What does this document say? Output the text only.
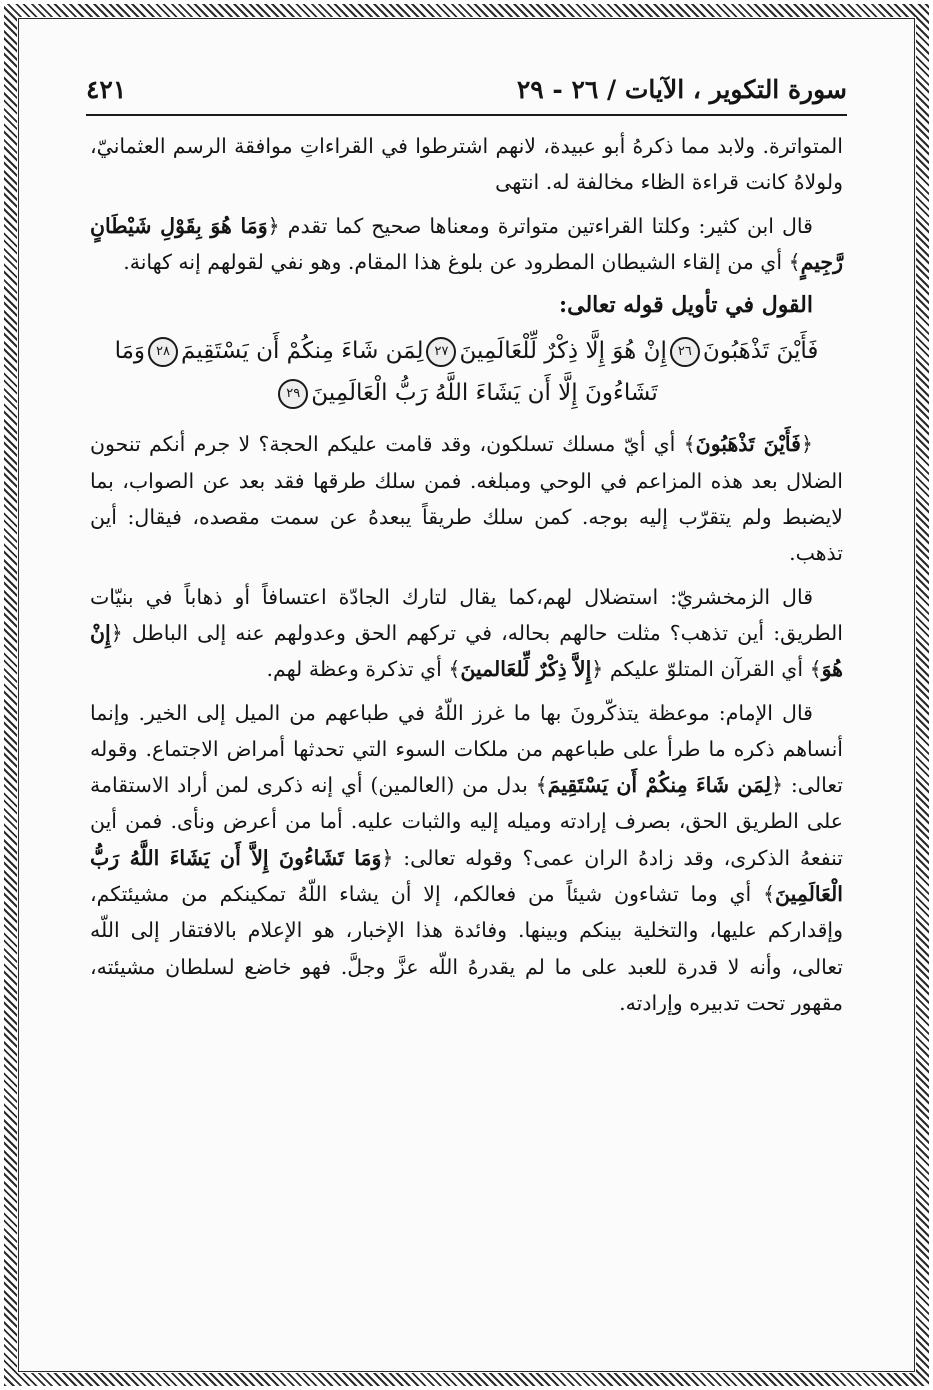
سورة التكوير ، الآيات / ٢٦ - ٢٩
٤٢١

المتواترة. ولابد مما ذكرهُ أبو عبيدة، لانهم اشترطوا في القراءاتِ موافقة الرسم العثمانيّ، ولولاهُ كانت قراءة الظاء مخالفة له. انتهى

قال ابن كثير: وكلتا القراءتين متواترة ومعناها صحيح كما تقدم ﴿وَمَا هُوَ بِقَوْلِ شَيْطَانٍ رَّجِيمٍ﴾ أي من إلقاء الشيطان المطرود عن بلوغ هذا المقام. وهو نفي لقولهم إنه كهانة.

القول في تأويل قوله تعالى:

فَأَيْنَ تَذْهَبُونَ٢٦إِنْ هُوَ إِلَّا ذِكْرٌ لِّلْعَالَمِينَ٢٧لِمَن شَاءَ مِنكُمْ أَن يَسْتَقِيمَ٢٨وَمَا تَشَاءُونَ إِلَّا أَن يَشَاءَ اللَّهُ رَبُّ الْعَالَمِينَ٢٩

﴿فَأَيْنَ تَذْهَبُونَ﴾ أي أيّ مسلك تسلكون، وقد قامت عليكم الحجة؟ لا جرم أنكم تنحون الضلال بعد هذه المزاعم في الوحي ومبلغه. فمن سلك طرقها فقد بعد عن الصواب، بما لايضبط ولم يتقرّب إليه بوجه. كمن سلك طريقاً يبعدهُ عن سمت مقصده، فيقال: أين تذهب.

قال الزمخشريّ: استضلال لهم،كما يقال لتارك الجادّة اعتسافاً أو ذهاباً في بنيّات الطريق: أين تذهب؟ مثلت حالهم بحاله، في تركهم الحق وعدولهم عنه إلى الباطل ﴿إِنْ هُوَ﴾ أي القرآن المتلوّ عليكم ﴿إِلاَّ ذِكْرٌ لِّلعَالمينَ﴾ أي تذكرة وعظة لهم.

قال الإمام: موعظة يتذكّرونَ بها ما غرز اللّهُ في طباعهم من الميل إلى الخير. وإنما أنساهم ذكره ما طرأ على طباعهم من ملكات السوء التي تحدثها أمراض الاجتماع. وقوله تعالى: ﴿لِمَن شَاءَ مِنكُمْ أَن يَسْتَقِيمَ﴾ بدل من (العالمين) أي إنه ذكرى لمن أراد الاستقامة على الطريق الحق، بصرف إرادته وميله إليه والثبات عليه. أما من أعرض ونأى. فمن أين تنفعهُ الذكرى، وقد زادهُ الران عمى؟ وقوله تعالى: ﴿وَمَا تَشَاءُونَ إِلاَّ أَن يَشَاءَ اللَّهُ رَبُّ الْعَالَمِينَ﴾ أي وما تشاءون شيئاً من فعالكم، إلا أن يشاء اللّهُ تمكينكم من مشيئتكم، وإقداركم عليها، والتخلية بينكم وبينها. وفائدة هذا الإخبار، هو الإعلام بالافتقار إلى اللّه تعالى، وأنه لا قدرة للعبد على ما لم يقدرهُ اللّه عزَّ وجلَّ. فهو خاضع لسلطان مشيئته، مقهور تحت تدبيره وإرادته.
